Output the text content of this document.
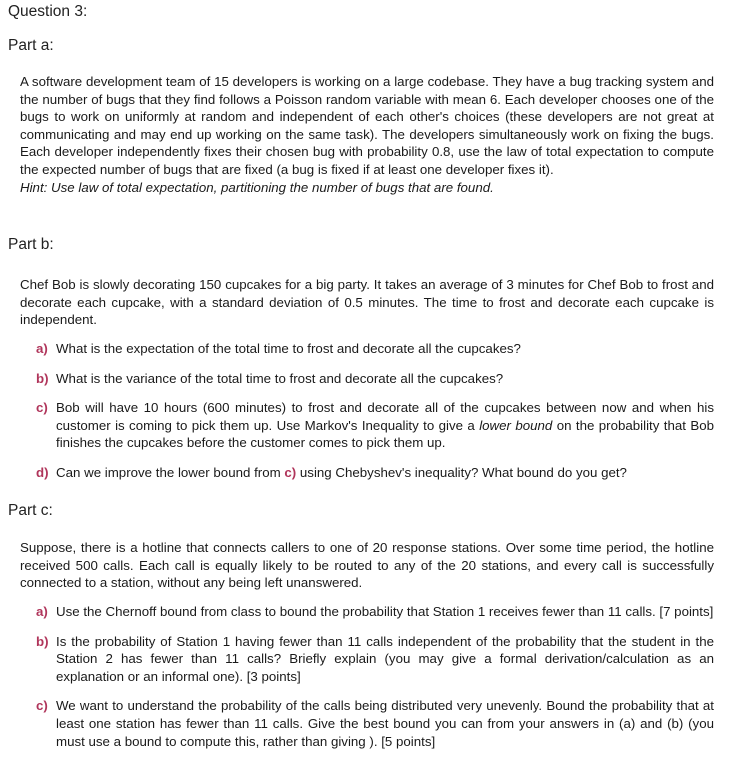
Question 3:
Part a:
A software development team of 15 developers is working on a large codebase. They have a bug tracking system and the number of bugs that they find follows a Poisson random variable with mean 6. Each developer chooses one of the bugs to work on uniformly at random and independent of each other's choices (these developers are not great at communicating and may end up working on the same task). The developers simultaneously work on fixing the bugs. Each developer independently fixes their chosen bug with probability 0.8, use the law of total expectation to compute the expected number of bugs that are fixed (a bug is fixed if at least one developer fixes it).
Hint: Use law of total expectation, partitioning the number of bugs that are found.
Part b:
Chef Bob is slowly decorating 150 cupcakes for a big party. It takes an average of 3 minutes for Chef Bob to frost and decorate each cupcake, with a standard deviation of 0.5 minutes. The time to frost and decorate each cupcake is independent.
a) What is the expectation of the total time to frost and decorate all the cupcakes?
b) What is the variance of the total time to frost and decorate all the cupcakes?
c) Bob will have 10 hours (600 minutes) to frost and decorate all of the cupcakes between now and when his customer is coming to pick them up. Use Markov's Inequality to give a lower bound on the probability that Bob finishes the cupcakes before the customer comes to pick them up.
d) Can we improve the lower bound from c) using Chebyshev's inequality? What bound do you get?
Part c:
Suppose, there is a hotline that connects callers to one of 20 response stations. Over some time period, the hotline received 500 calls. Each call is equally likely to be routed to any of the 20 stations, and every call is successfully connected to a station, without any being left unanswered.
a) Use the Chernoff bound from class to bound the probability that Station 1 receives fewer than 11 calls. [7 points]
b) Is the probability of Station 1 having fewer than 11 calls independent of the probability that the student in the Station 2 has fewer than 11 calls? Briefly explain (you may give a formal derivation/calculation as an explanation or an informal one). [3 points]
c) We want to understand the probability of the calls being distributed very unevenly. Bound the probability that at least one station has fewer than 11 calls. Give the best bound you can from your answers in (a) and (b) (you must use a bound to compute this, rather than giving ). [5 points]
